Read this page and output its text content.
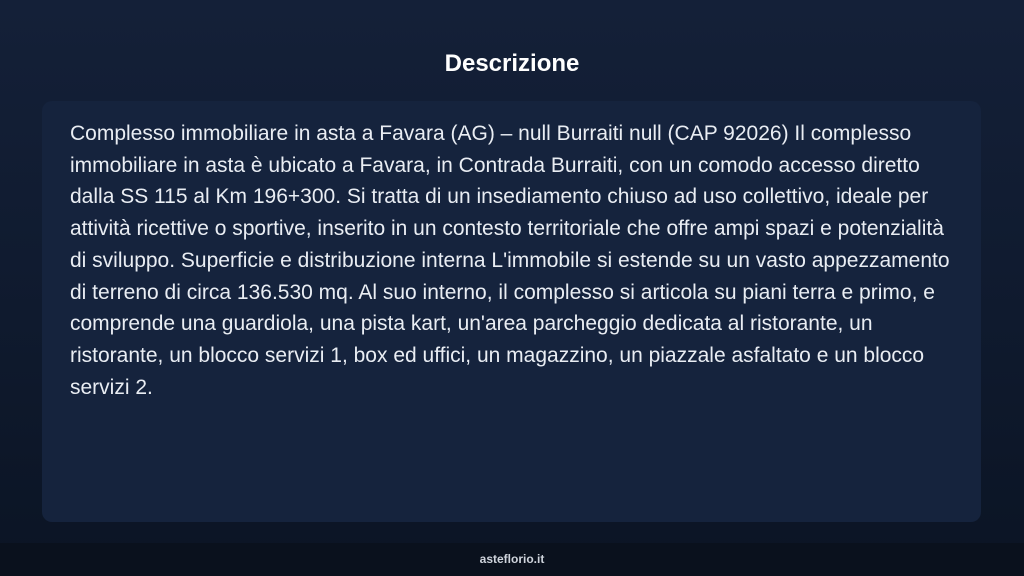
Descrizione

Complesso immobiliare in asta a Favara (AG) – null Burraiti null (CAP 92026) Il complesso immobiliare in asta è ubicato a Favara, in Contrada Burraiti, con un comodo accesso diretto dalla SS 115 al Km 196+300. Si tratta di un insediamento chiuso ad uso collettivo, ideale per attività ricettive o sportive, inserito in un contesto territoriale che offre ampi spazi e potenzialità di sviluppo. Superficie e distribuzione interna L'immobile si estende su un vasto appezzamento di terreno di circa 136.530 mq. Al suo interno, il complesso si articola su piani terra e primo, e comprende una guardiola, una pista kart, un'area parcheggio dedicata al ristorante, un ristorante, un blocco servizi 1, box ed uffici, un magazzino, un piazzale asfaltato e un blocco servizi 2.

asteflorio.it
